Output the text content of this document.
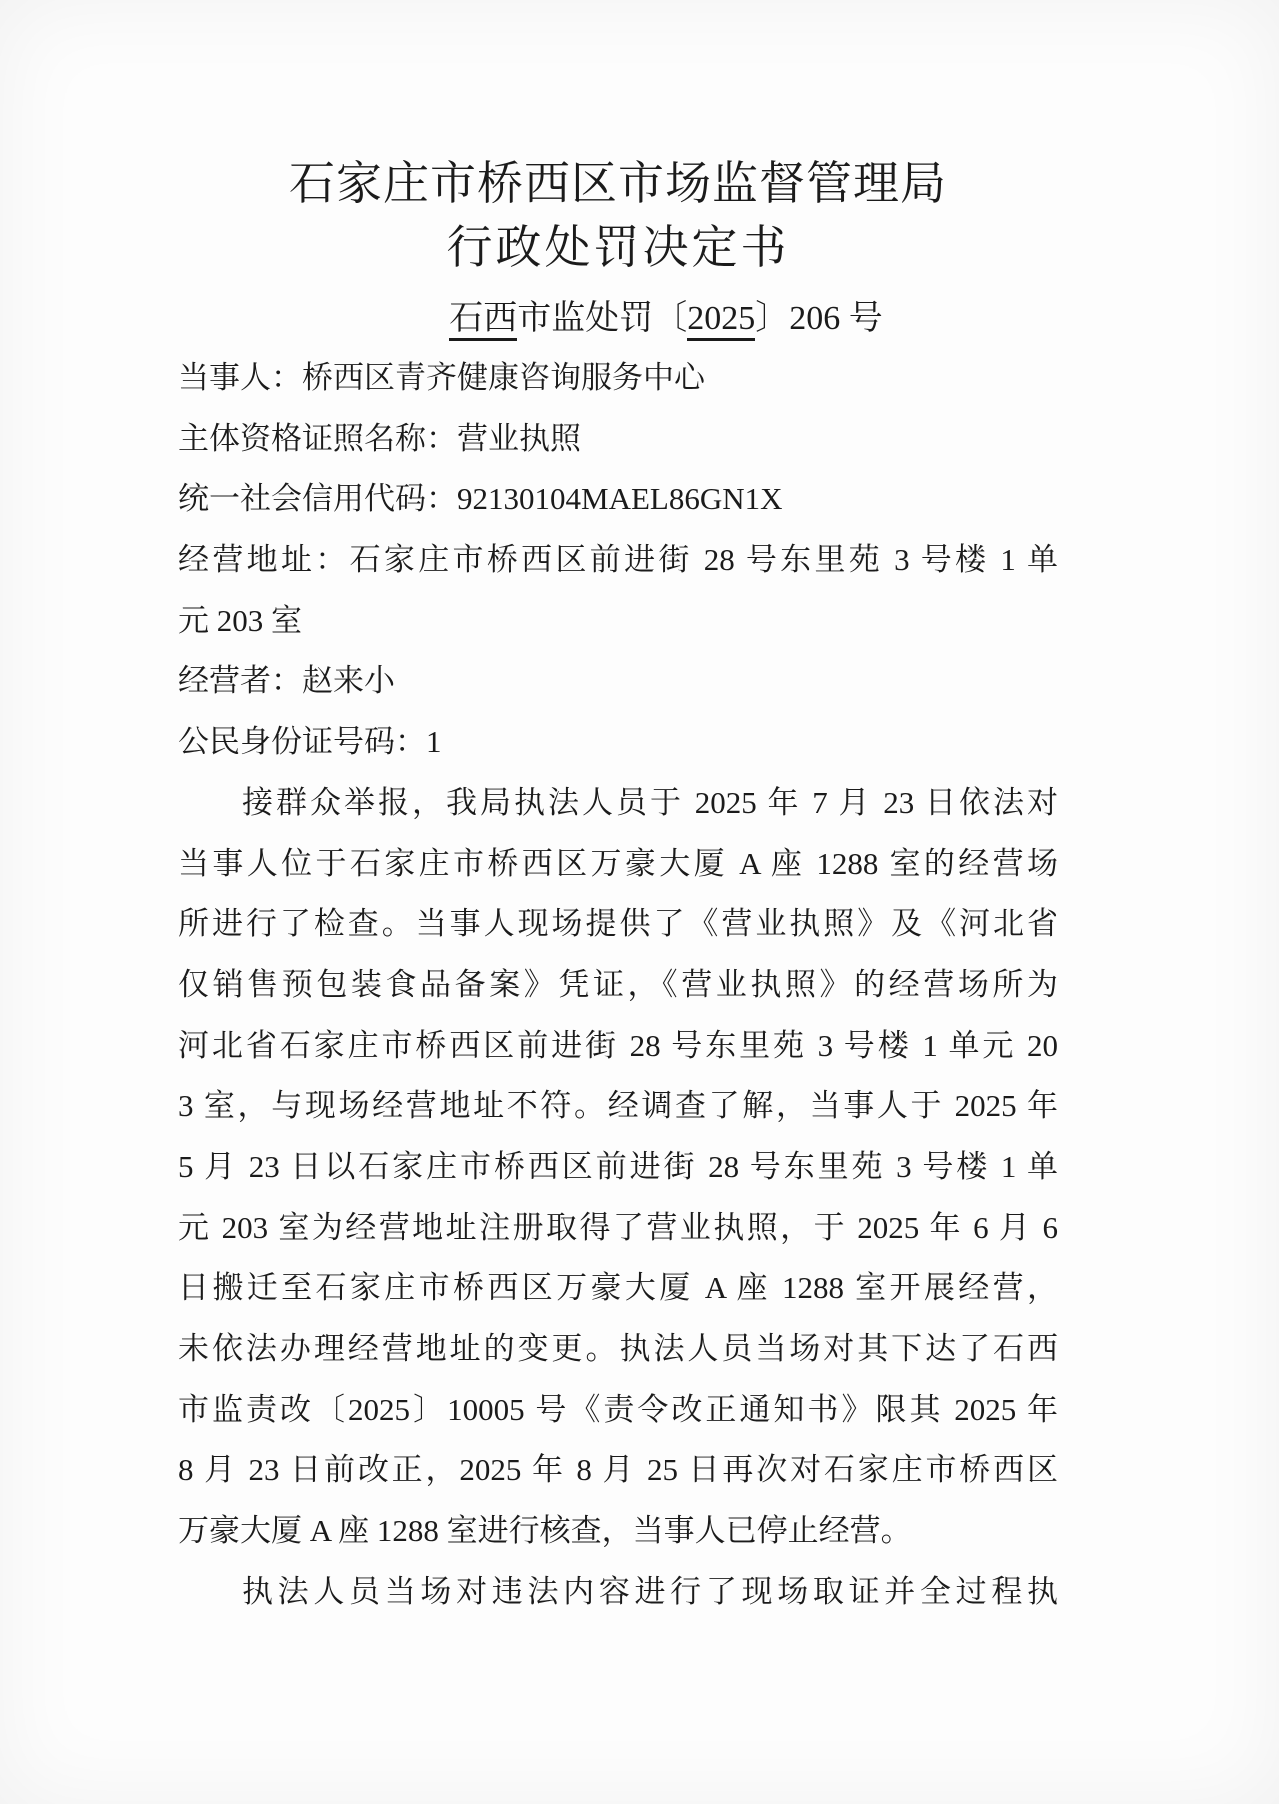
石家庄市桥西区市场监督管理局
行政处罚决定书
石西市监处罚〔2025〕206 号
当事人：桥西区青齐健康咨询服务中心
主体资格证照名称：营业执照
统一社会信用代码：92130104MAEL86GN1X
经营地址：石家庄市桥西区前进街 28 号东里苑 3 号楼 1 单
元 203 室
经营者：赵来小
公民身份证号码：1
接群众举报，我局执法人员于 2025 年 7 月 23 日依法对
当事人位于石家庄市桥西区万豪大厦 A 座 1288 室的经营场
所进行了检查。当事人现场提供了《营业执照》及《河北省
仅销售预包装食品备案》凭证，《营业执照》的经营场所为
河北省石家庄市桥西区前进街 28 号东里苑 3 号楼 1 单元 20
3 室，与现场经营地址不符。经调查了解，当事人于 2025 年
5 月 23 日以石家庄市桥西区前进街 28 号东里苑 3 号楼 1 单
元 203 室为经营地址注册取得了营业执照，于 2025 年 6 月 6
日搬迁至石家庄市桥西区万豪大厦 A 座 1288 室开展经营，
未依法办理经营地址的变更。执法人员当场对其下达了石西
市监责改〔2025〕10005 号《责令改正通知书》限其 2025 年
8 月 23 日前改正，2025 年 8 月 25 日再次对石家庄市桥西区
万豪大厦 A 座 1288 室进行核查，当事人已停止经营。
执法人员当场对违法内容进行了现场取证并全过程执
